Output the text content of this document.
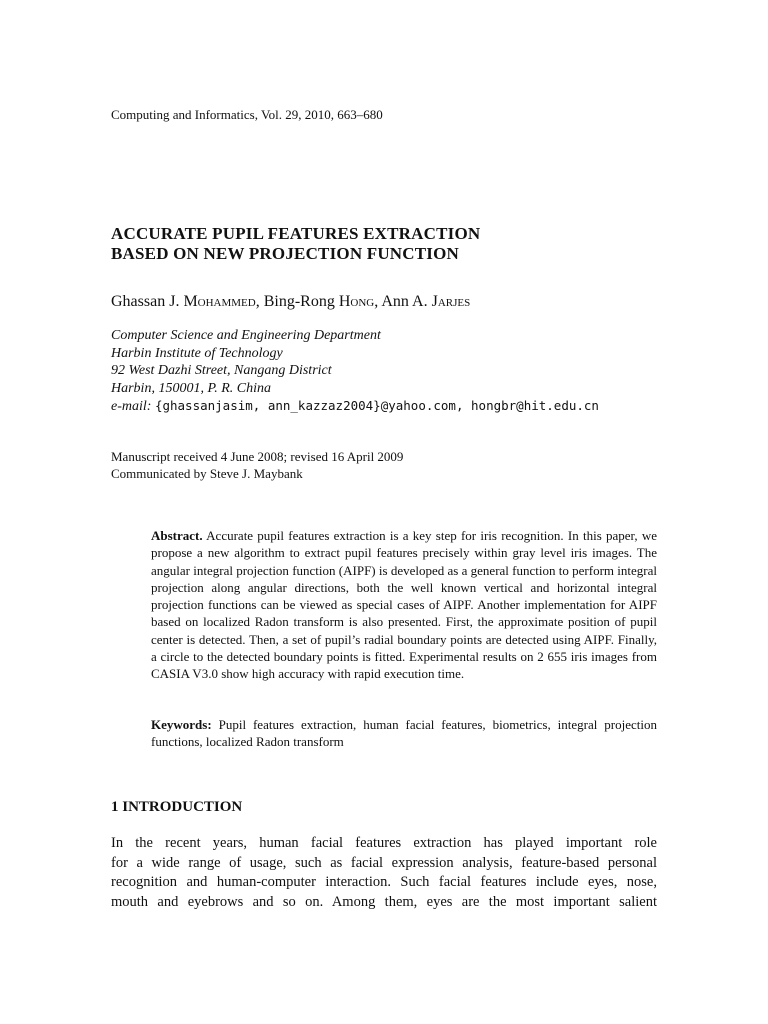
Computing and Informatics, Vol. 29, 2010, 663–680
ACCURATE PUPIL FEATURES EXTRACTION
BASED ON NEW PROJECTION FUNCTION
Ghassan J. Mohammed, Bing-Rong Hong, Ann A. Jarjes
Computer Science and Engineering Department
Harbin Institute of Technology
92 West Dazhi Street, Nangang District
Harbin, 150001, P. R. China
e-mail: {ghassanjasim, ann_kazzaz2004}@yahoo.com, hongbr@hit.edu.cn
Manuscript received 4 June 2008; revised 16 April 2009
Communicated by Steve J. Maybank
Abstract. Accurate pupil features extraction is a key step for iris recognition. In this paper, we propose a new algorithm to extract pupil features precisely within gray level iris images. The angular integral projection function (AIPF) is developed as a general function to perform integral projection along angular directions, both the well known vertical and horizontal integral projection functions can be viewed as special cases of AIPF. Another implementation for AIPF based on localized Radon transform is also presented. First, the approximate position of pupil center is detected. Then, a set of pupil’s radial boundary points are detected using AIPF. Finally, a circle to the detected boundary points is fitted. Experimental results on 2 655 iris images from CASIA V3.0 show high accuracy with rapid execution time.
Keywords: Pupil features extraction, human facial features, biometrics, integral projection functions, localized Radon transform
1 INTRODUCTION
In the recent years, human facial features extraction has played important role
for a wide range of usage, such as facial expression analysis, feature-based personal
recognition and human-computer interaction. Such facial features include eyes, nose,
mouth and eyebrows and so on. Among them, eyes are the most important salient
